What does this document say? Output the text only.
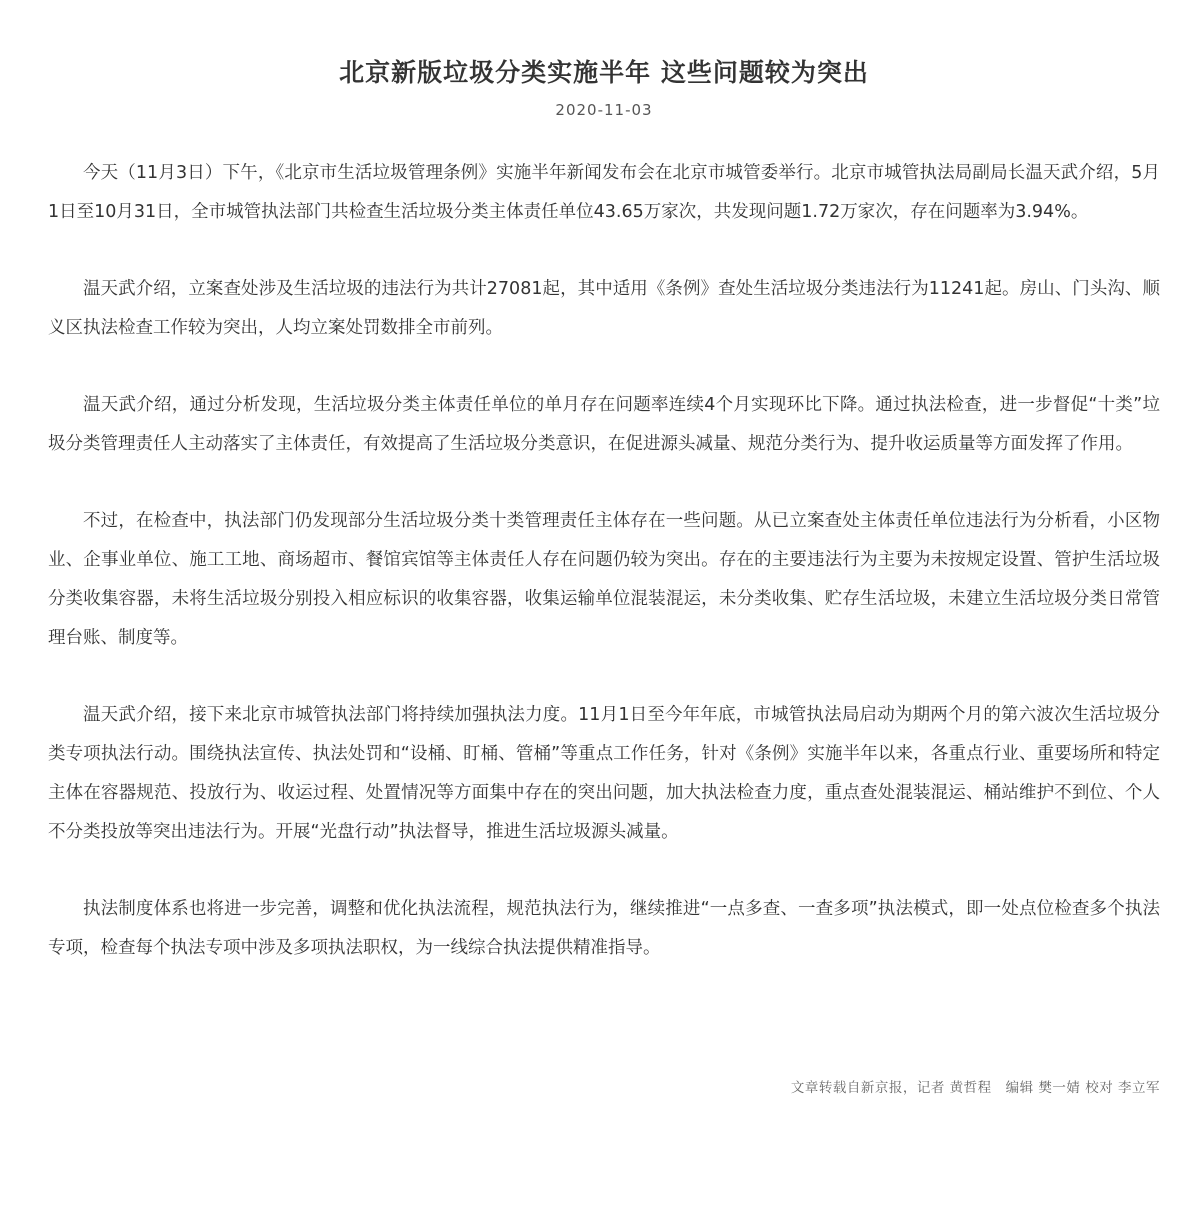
北京新版垃圾分类实施半年 这些问题较为突出
2020-11-03

今天（11月3日）下午，《北京市生活垃圾管理条例》实施半年新闻发布会在北京市城管委举行。北京市城管执法局副局长温天武介绍，5月1日至10月31日，全市城管执法部门共检查生活垃圾分类主体责任单位43.65万家次，共发现问题1.72万家次，存在问题率为3.94%。

温天武介绍，立案查处涉及生活垃圾的违法行为共计27081起，其中适用《条例》查处生活垃圾分类违法行为11241起。房山、门头沟、顺义区执法检查工作较为突出，人均立案处罚数排全市前列。

温天武介绍，通过分析发现，生活垃圾分类主体责任单位的单月存在问题率连续4个月实现环比下降。通过执法检查，进一步督促“十类”垃圾分类管理责任人主动落实了主体责任，有效提高了生活垃圾分类意识，在促进源头减量、规范分类行为、提升收运质量等方面发挥了作用。

不过，在检查中，执法部门仍发现部分生活垃圾分类十类管理责任主体存在一些问题。从已立案查处主体责任单位违法行为分析看，小区物业、企事业单位、施工工地、商场超市、餐馆宾馆等主体责任人存在问题仍较为突出。存在的主要违法行为主要为未按规定设置、管护生活垃圾分类收集容器，未将生活垃圾分别投入相应标识的收集容器，收集运输单位混装混运，未分类收集、贮存生活垃圾，未建立生活垃圾分类日常管理台账、制度等。

温天武介绍，接下来北京市城管执法部门将持续加强执法力度。11月1日至今年年底，市城管执法局启动为期两个月的第六波次生活垃圾分类专项执法行动。围绕执法宣传、执法处罚和“设桶、盯桶、管桶”等重点工作任务，针对《条例》实施半年以来，各重点行业、重要场所和特定主体在容器规范、投放行为、收运过程、处置情况等方面集中存在的突出问题，加大执法检查力度，重点查处混装混运、桶站维护不到位、个人不分类投放等突出违法行为。开展“光盘行动”执法督导，推进生活垃圾源头减量。

执法制度体系也将进一步完善，调整和优化执法流程，规范执法行为，继续推进“一点多查、一查多项”执法模式，即一处点位检查多个执法专项，检查每个执法专项中涉及多项执法职权，为一线综合执法提供精准指导。

文章转载自新京报，记者 黄哲程　编辑 樊一婧 校对 李立军
